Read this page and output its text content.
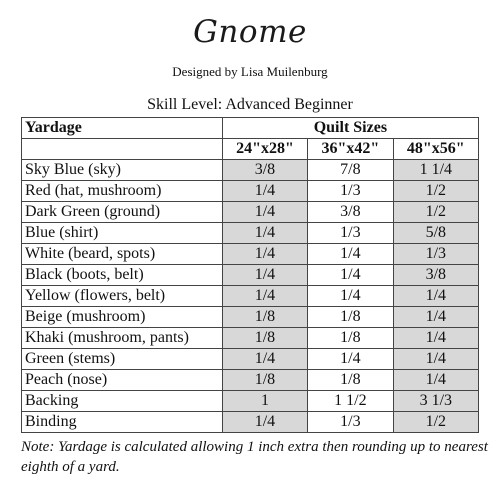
Gnome
Designed by Lisa Muilenburg
Skill Level: Advanced Beginner
Yardage	Quilt Sizes		
	24"x28"	36"x42"	48"x56"
Sky Blue (sky)	3/8	7/8	1 1/4
Red (hat, mushroom)	1/4	1/3	1/2
Dark Green (ground)	1/4	3/8	1/2
Blue (shirt)	1/4	1/3	5/8
White (beard, spots)	1/4	1/4	1/3
Black (boots, belt)	1/4	1/4	3/8
Yellow (flowers, belt)	1/4	1/4	1/4
Beige (mushroom)	1/8	1/8	1/4
Khaki (mushroom, pants)	1/8	1/8	1/4
Green (stems)	1/4	1/4	1/4
Peach (nose)	1/8	1/8	1/4
Backing	1	1 1/2	3 1/3
Binding	1/4	1/3	1/2
Note: Yardage is calculated allowing 1 inch extra then rounding up to nearest eighth of a yard.
